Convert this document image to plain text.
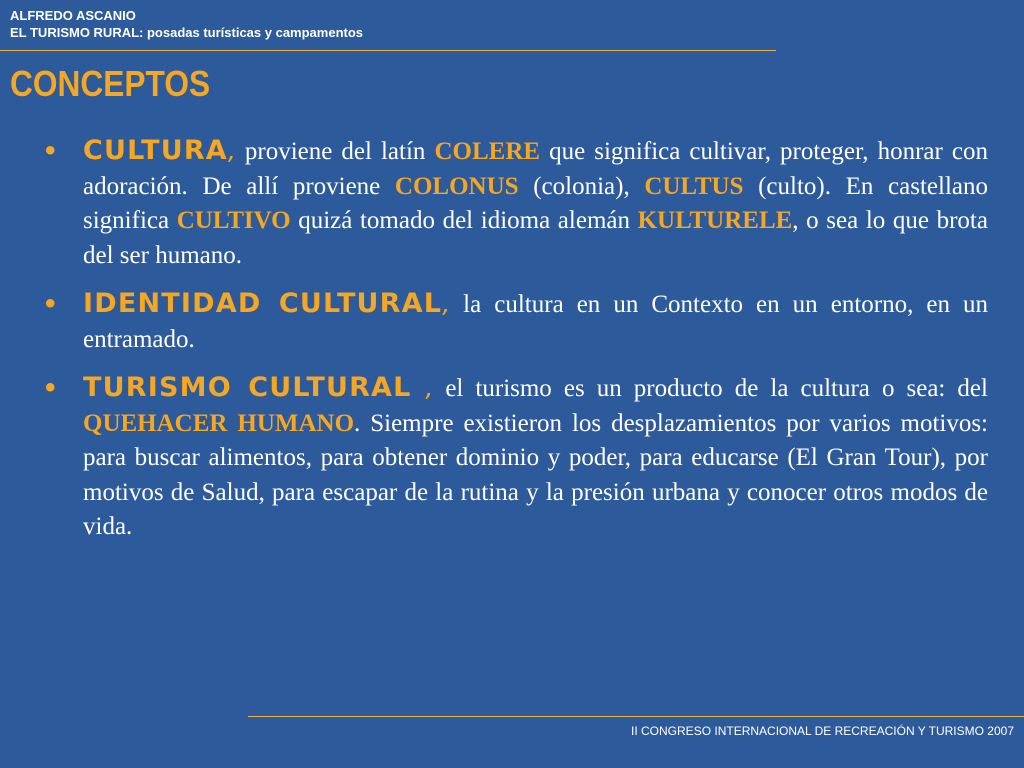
ALFREDO ASCANIO
EL TURISMO RURAL: posadas turísticas y campamentos
CONCEPTOS
• CULTURA, proviene del latín COLERE que significa cultivar, proteger, honrar con adoración. De allí proviene COLONUS (colonia), CULTUS (culto). En castellano significa CULTIVO quizá tomado del idioma alemán KULTURELE, o sea lo que brota del ser humano.
• IDENTIDAD CULTURAL, la cultura en un Contexto en un entorno, en un entramado.
• TURISMO CULTURAL , el turismo es un producto de la cultura o sea: del QUEHACER HUMANO. Siempre existieron los desplazamientos por varios motivos: para buscar alimentos, para obtener dominio y poder, para educarse (El Gran Tour), por motivos de Salud, para escapar de la rutina y la presión urbana y conocer otros modos de vida.
II CONGRESO INTERNACIONAL DE RECREACIÓN Y TURISMO 2007
